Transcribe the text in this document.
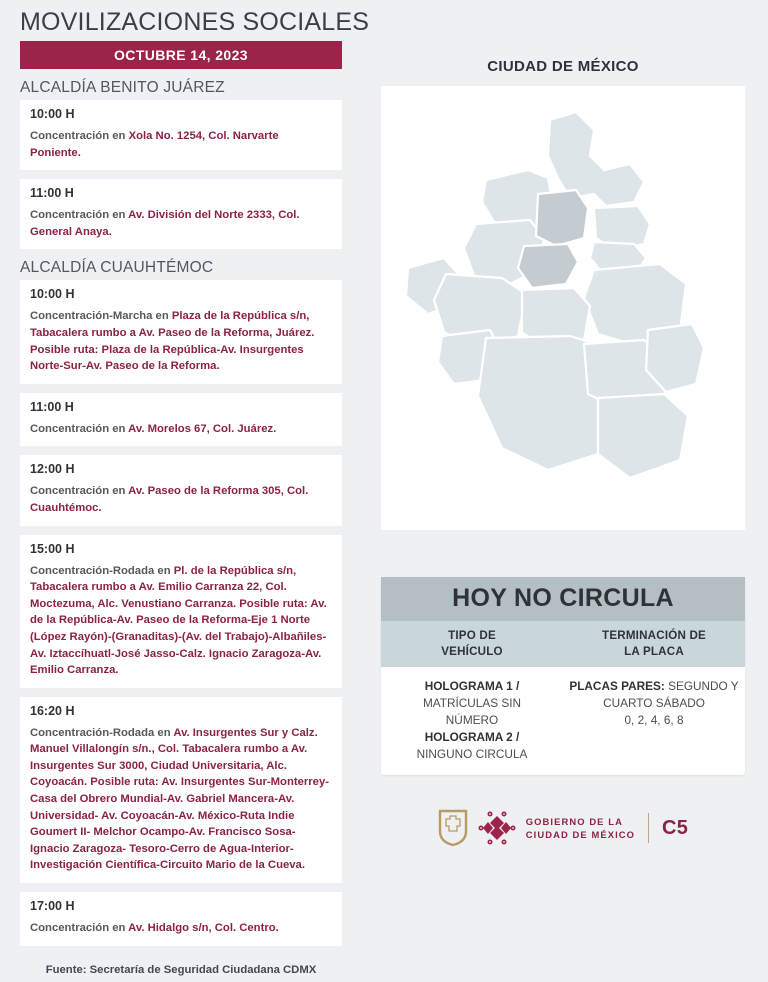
MOVILIZACIONES SOCIALES
OCTUBRE 14, 2023
ALCALDÍA BENITO JUÁREZ
10:00 H
Concentración en Xola No. 1254, Col. Narvarte Poniente.
11:00 H
Concentración en Av. División del Norte 2333, Col. General Anaya.
ALCALDÍA CUAUHTÉMOC
10:00 H
Concentración-Marcha en Plaza de la República s/n, Tabacalera rumbo a Av. Paseo de la Reforma, Juárez. Posible ruta: Plaza de la República-Av. Insurgentes Norte-Sur-Av. Paseo de la Reforma.
11:00 H
Concentración en Av. Morelos 67, Col. Juárez.
12:00 H
Concentración en Av. Paseo de la Reforma 305, Col. Cuauhtémoc.
15:00 H
Concentración-Rodada en Pl. de la República s/n, Tabacalera rumbo a Av. Emilio Carranza 22, Col. Moctezuma, Alc. Venustiano Carranza. Posible ruta: Av. de la República-Av. Paseo de la Reforma-Eje 1 Norte (López Rayón)-(Granaditas)-(Av. del Trabajo)-Albañiles-Av. Iztaccíhuatl-José Jasso-Calz. Ignacio Zaragoza-Av. Emilio Carranza.
16:20 H
Concentración-Rodada en Av. Insurgentes Sur y Calz. Manuel Villalongín s/n., Col. Tabacalera rumbo a Av. Insurgentes Sur 3000, Ciudad Universitaria, Alc. Coyoacán. Posible ruta: Av. Insurgentes Sur-Monterrey-Casa del Obrero Mundial-Av. Gabriel Mancera-Av. Universidad- Av. Coyoacán-Av. México-Ruta Indie Goumert II- Melchor Ocampo-Av. Francisco Sosa-Ignacio Zaragoza- Tesoro-Cerro de Agua-Interior-Investigación Científica-Circuito Mario de la Cueva.
17:00 H
Concentración en Av. Hidalgo s/n, Col. Centro.
Fuente: Secretaría de Seguridad Ciudadana CDMX
CIUDAD DE MÉXICO
HOY NO CIRCULA
TIPO DE
VEHÍCULO
TERMINACIÓN DE
LA PLACA
HOLOGRAMA 1 /
MATRÍCULAS SIN
NÚMERO
HOLOGRAMA 2 /
NINGUNO CIRCULA
PLACAS PARES: SEGUNDO Y CUARTO SÁBADO
0, 2, 4, 6, 8
GOBIERNO DE LA
CIUDAD DE MÉXICO C5
